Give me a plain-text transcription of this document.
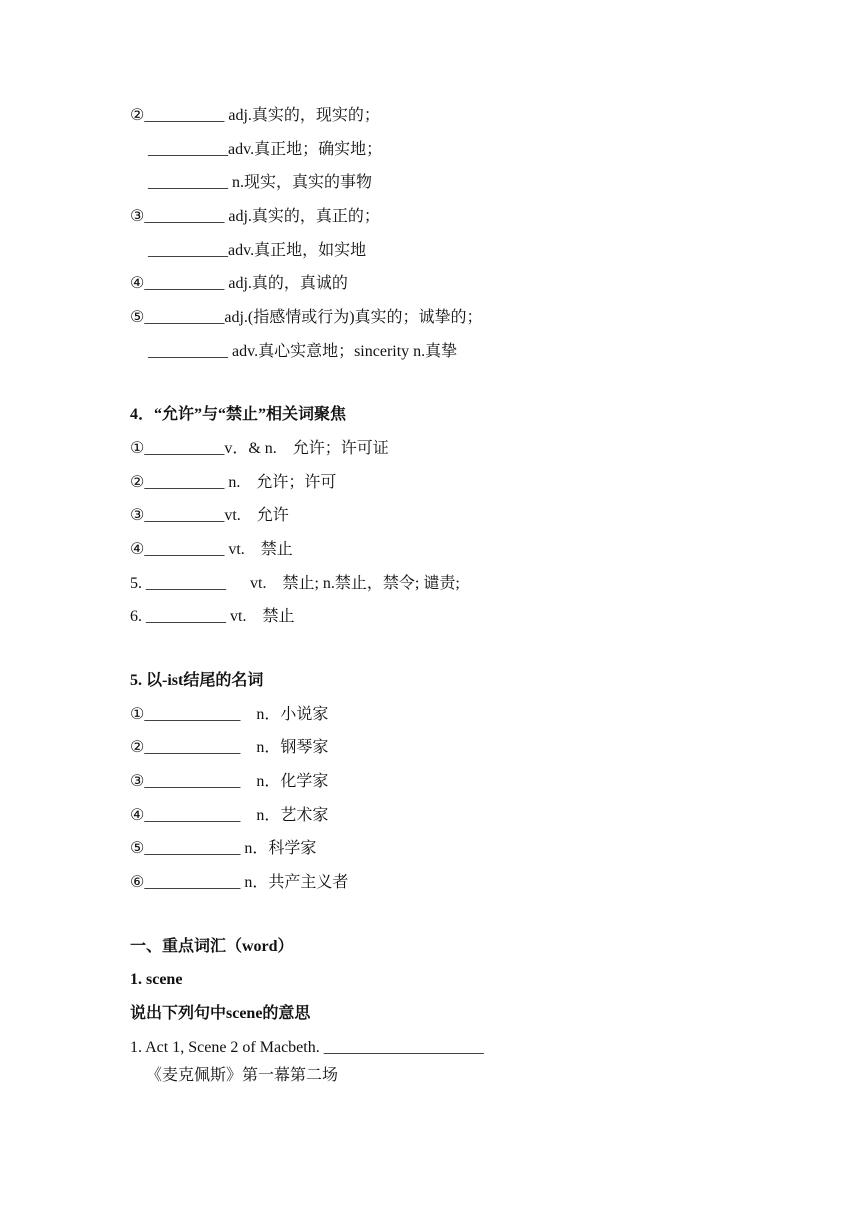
②__________ adj.真实的，现实的；
__________adv.真正地；确实地；
__________ n.现实，真实的事物
③__________ adj.真实的，真正的；
__________adv.真正地，如实地
④__________ adj.真的，真诚的
⑤__________adj.(指感情或行为)真实的；诚挚的；
__________ adv.真心实意地；sincerity n.真挚
4．“允许”与“禁止”相关词聚焦
①__________v．& n.    允许；许可证
②__________ n.    允许；许可
③__________vt.    允许
④__________ vt.    禁止
5. __________      vt.    禁止; n.禁止，禁令; 谴责;
6. __________ vt.    禁止
5. 以-ist结尾的名词
①____________    n．小说家
②____________    n．钢琴家
③____________    n．化学家
④____________    n．艺术家
⑤____________ n．科学家
⑥____________ n．共产主义者
一、重点词汇（word）
1. scene
说出下列句中scene的意思
1. Act 1, Scene 2 of Macbeth. ____________________
《麦克佩斯》第一幕第二场
